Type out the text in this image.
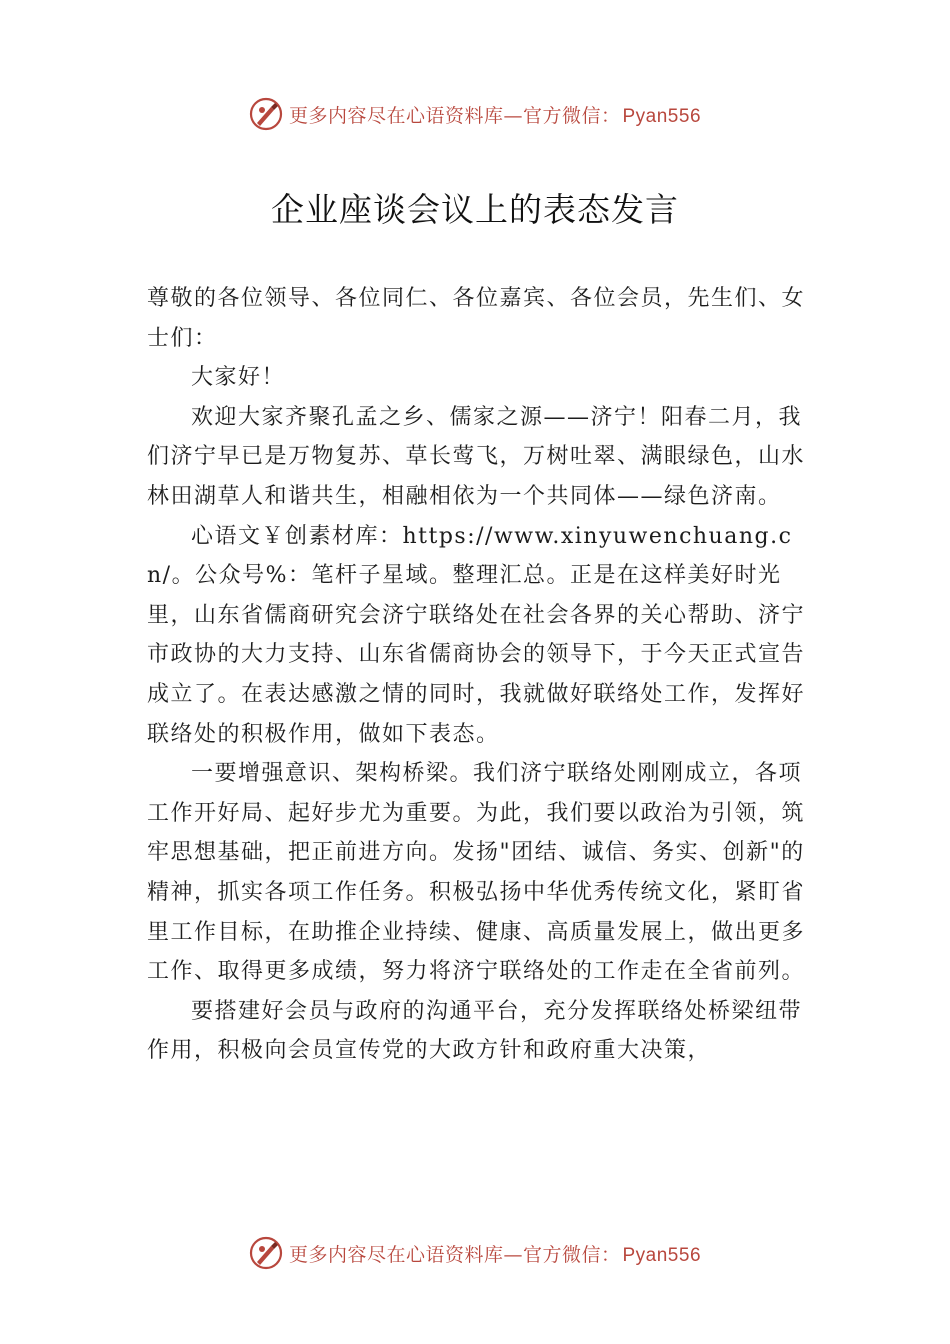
更多内容尽在心语资料库—官方微信： Pyan556
企业座谈会议上的表态发言

尊敬的各位领导、各位同仁、各位嘉宾、各位会员，先生们、女士们：

大家好！

欢迎大家齐聚孔孟之乡、儒家之源——济宁！阳春二月，我们济宁早已是万物复苏、草长莺飞，万树吐翠、满眼绿色，山水林田湖草人和谐共生，相融相依为一个共同体——绿色济南。

心语文￥创素材库：https://www.xinyuwenchuang.cn/。公众号%：笔杆子星域。整理汇总。正是在这样美好时光里，山东省儒商研究会济宁联络处在社会各界的关心帮助、济宁市政协的大力支持、山东省儒商协会的领导下，于今天正式宣告成立了。在表达感激之情的同时，我就做好联络处工作，发挥好联络处的积极作用，做如下表态。

一要增强意识、架构桥梁。我们济宁联络处刚刚成立，各项工作开好局、起好步尤为重要。为此，我们要以政治为引领，筑牢思想基础，把正前进方向。发扬"团结、诚信、务实、创新"的精神，抓实各项工作任务。积极弘扬中华优秀传统文化，紧盯省里工作目标，在助推企业持续、健康、高质量发展上，做出更多工作、取得更多成绩，努力将济宁联络处的工作走在全省前列。

要搭建好会员与政府的沟通平台，充分发挥联络处桥梁纽带作用，积极向会员宣传党的大政方针和政府重大决策，

更多内容尽在心语资料库—官方微信： Pyan556
